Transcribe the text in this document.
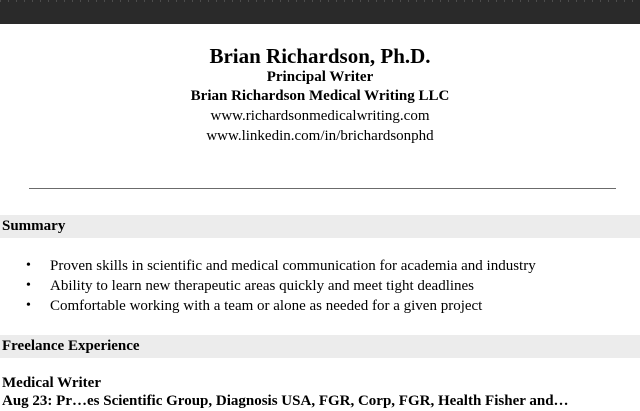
Brian Richardson, Ph.D.

Principal Writer

Brian Richardson Medical Writing LLC

www.richardsonmedicalwriting.com

www.linkedin.com/in/brichardsonphd

Summary
• Proven skills in scientific and medical communication for academia and industry
• Ability to learn new therapeutic areas quickly and meet tight deadlines
• Comfortable working with a team or alone as needed for a given project
Freelance Experience
Medical Writer
Aug 23: Pr…es Scientific Group, Diagnosis USA, FGR, Corp, FGR, Health Fisher and…
